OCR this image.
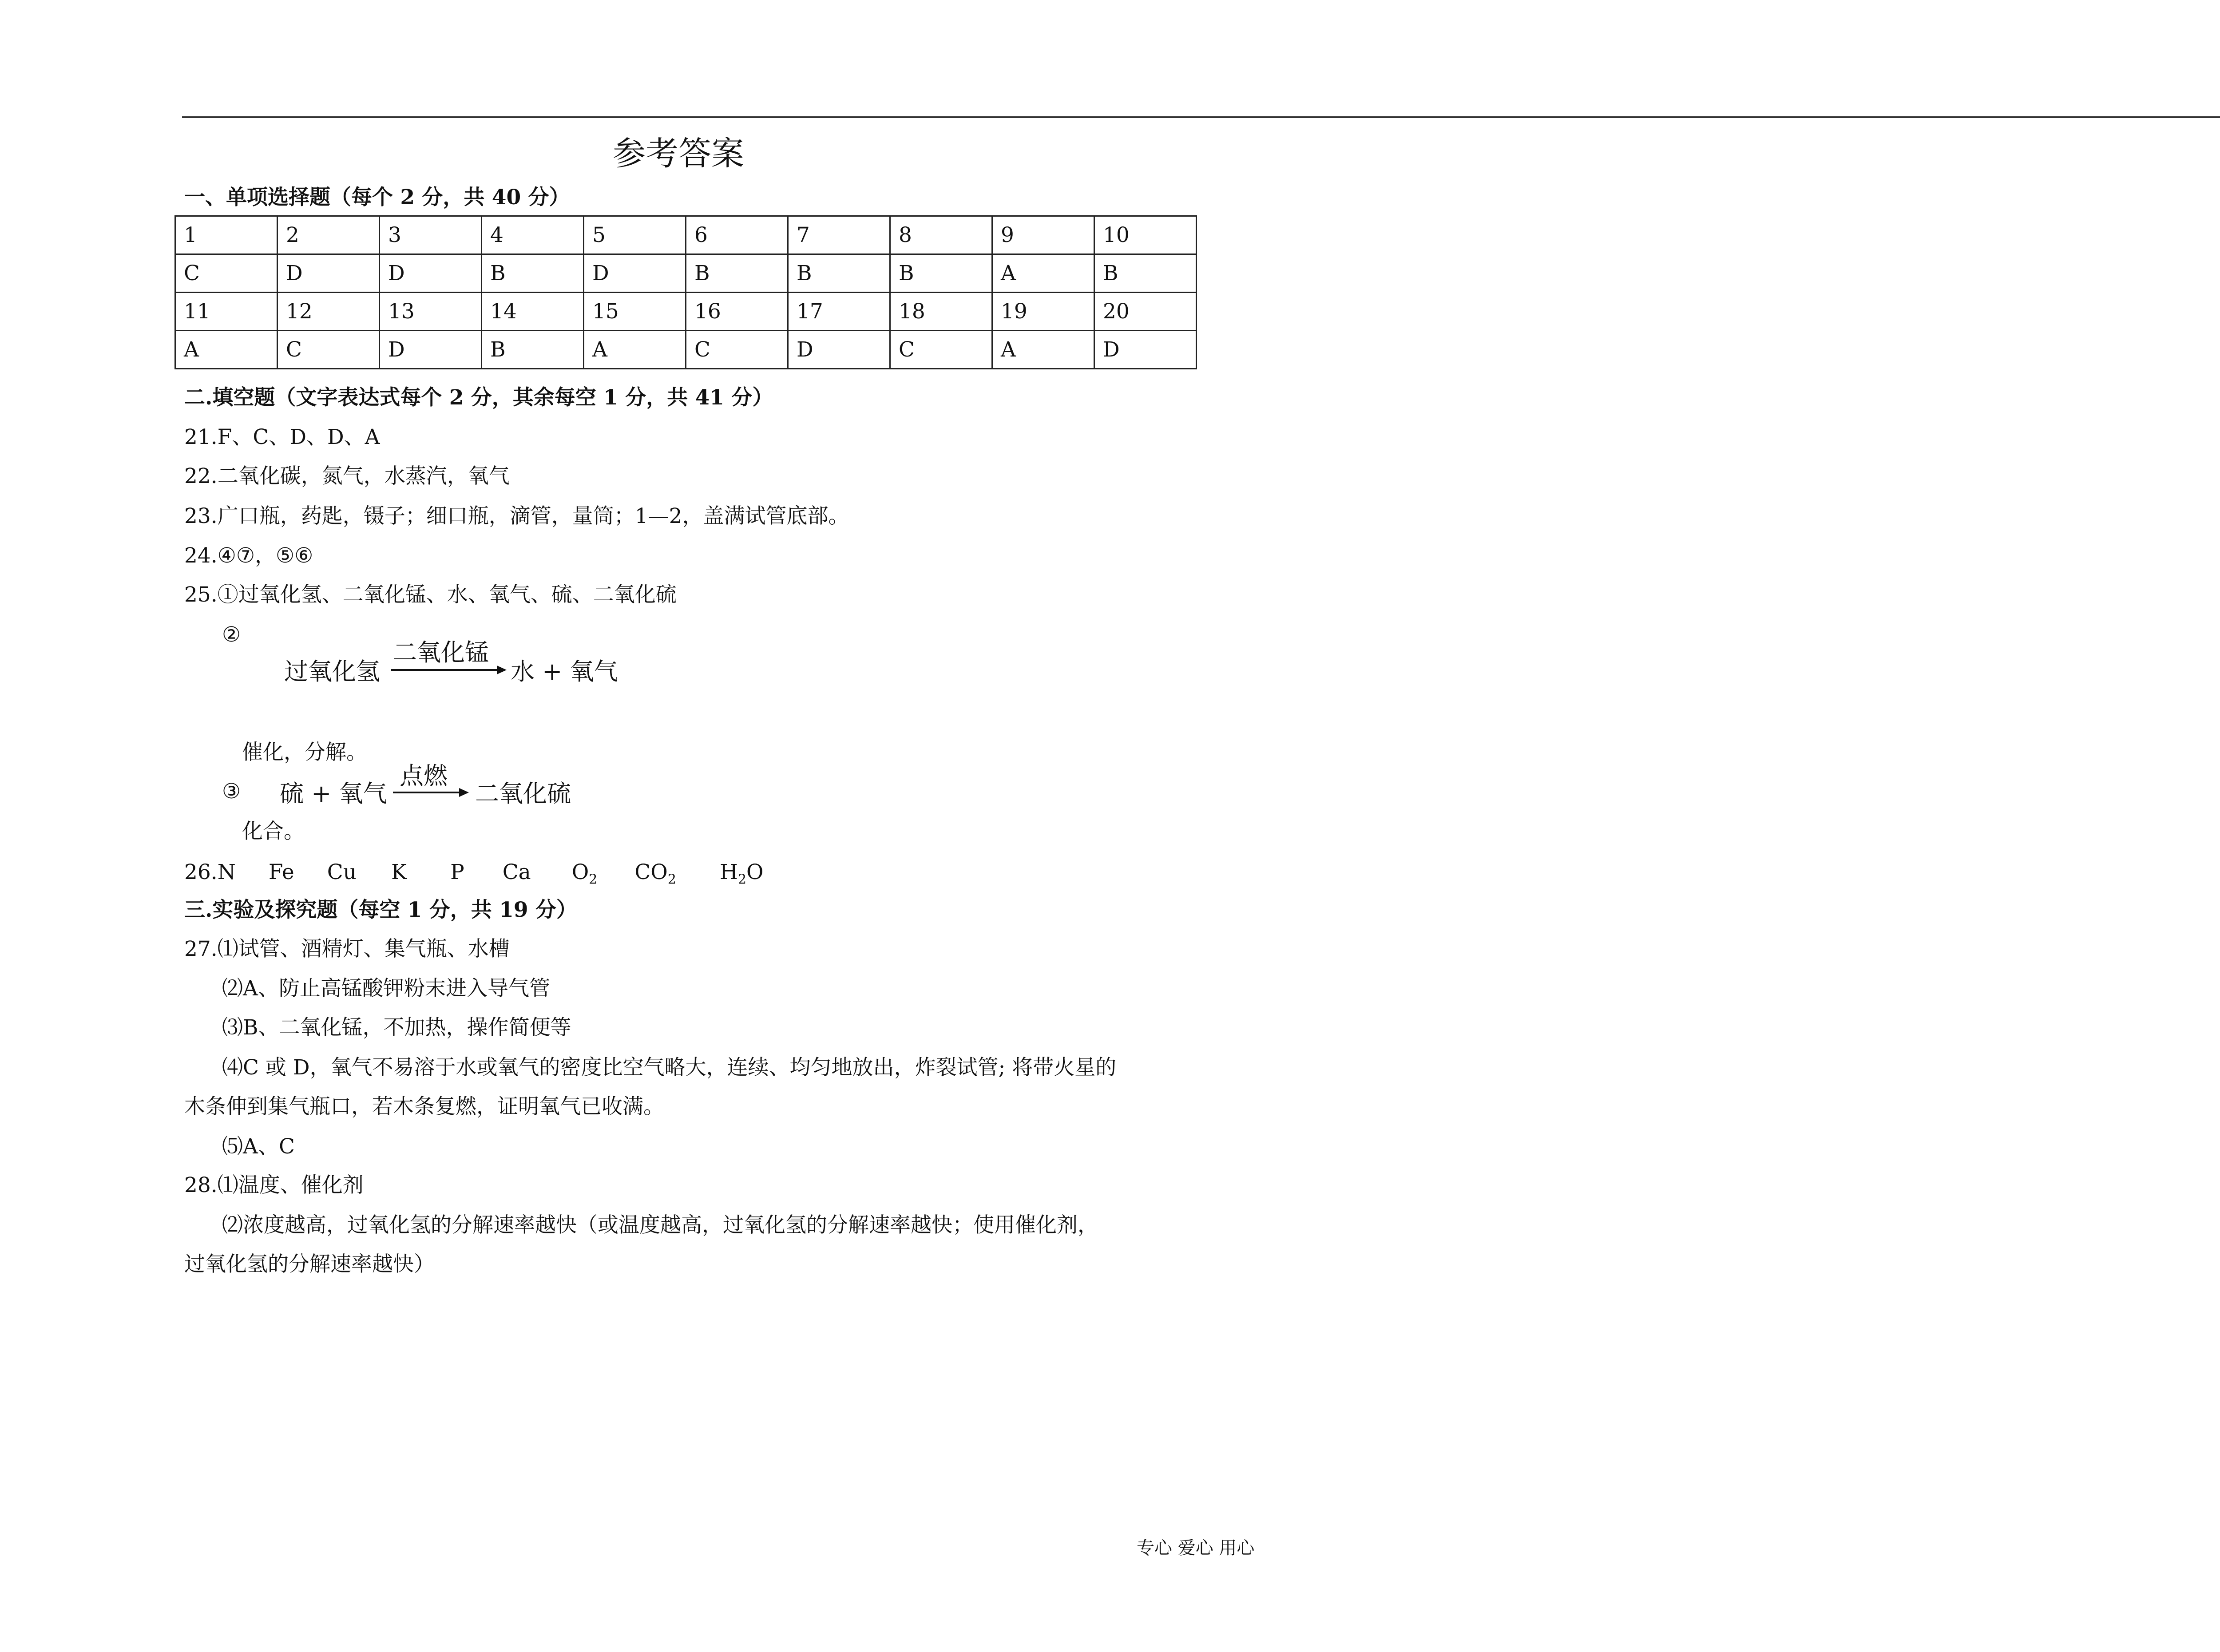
参考答案
一、单项选择题（每个 2 分，共 40 分）
1	2	3	4	5	6	7	8	9	10
C	D	D	B	D	B	B	B	A	B
11	12	13	14	15	16	17	18	19	20
A	C	D	B	A	C	D	C	A	D
二.填空题（文字表达式每个 2 分，其余每空 1 分，共 41 分）
21.F、C、D、D、A
22.二氧化碳，氮气，水蒸汽，氧气
23.广口瓶，药匙，镊子；细口瓶，滴管，量筒；1—2，盖满试管底部。
24.④⑦，⑤⑥
25.①过氧化氢、二氧化锰、水、氧气、硫、二氧化硫
②
过氧化氢
二氧化锰
水 + 氧气
催化，分解。
③ 硫 + 氧气
点燃
二氧化硫
化合。
26.N Fe Cu K P Ca $O_2$ $CO_2$ $H_2O$
三.实验及探究题（每空 1 分，共 19 分）
27.⑴试管、酒精灯、集气瓶、水槽
⑵A、防止高锰酸钾粉末进入导气管
⑶B、二氧化锰，不加热，操作简便等
⑷C 或 D，氧气不易溶于水或氧气的密度比空气略大，连续、均匀地放出，炸裂试管; 将带火星的
木条伸到集气瓶口，若木条复燃，证明氧气已收满。
⑸A、C
28.⑴温度、催化剂
⑵浓度越高，过氧化氢的分解速率越快（或温度越高，过氧化氢的分解速率越快；使用催化剂，
过氧化氢的分解速率越快）
专心 爱心 用心
